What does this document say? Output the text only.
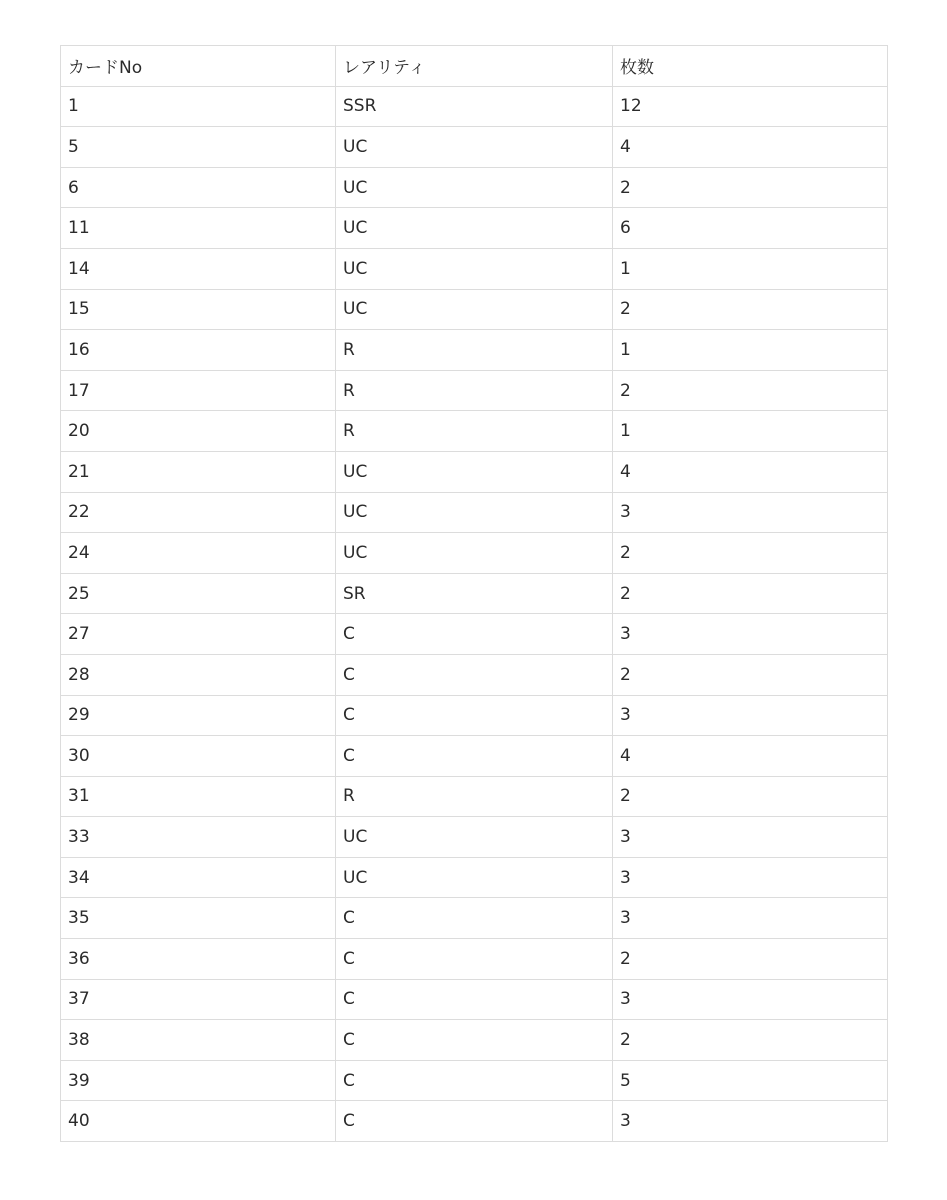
カードNo	レアリティ	枚数
1	SSR	12
5	UC	4
6	UC	2
11	UC	6
14	UC	1
15	UC	2
16	R	1
17	R	2
20	R	1
21	UC	4
22	UC	3
24	UC	2
25	SR	2
27	C	3
28	C	2
29	C	3
30	C	4
31	R	2
33	UC	3
34	UC	3
35	C	3
36	C	2
37	C	3
38	C	2
39	C	5
40	C	3
